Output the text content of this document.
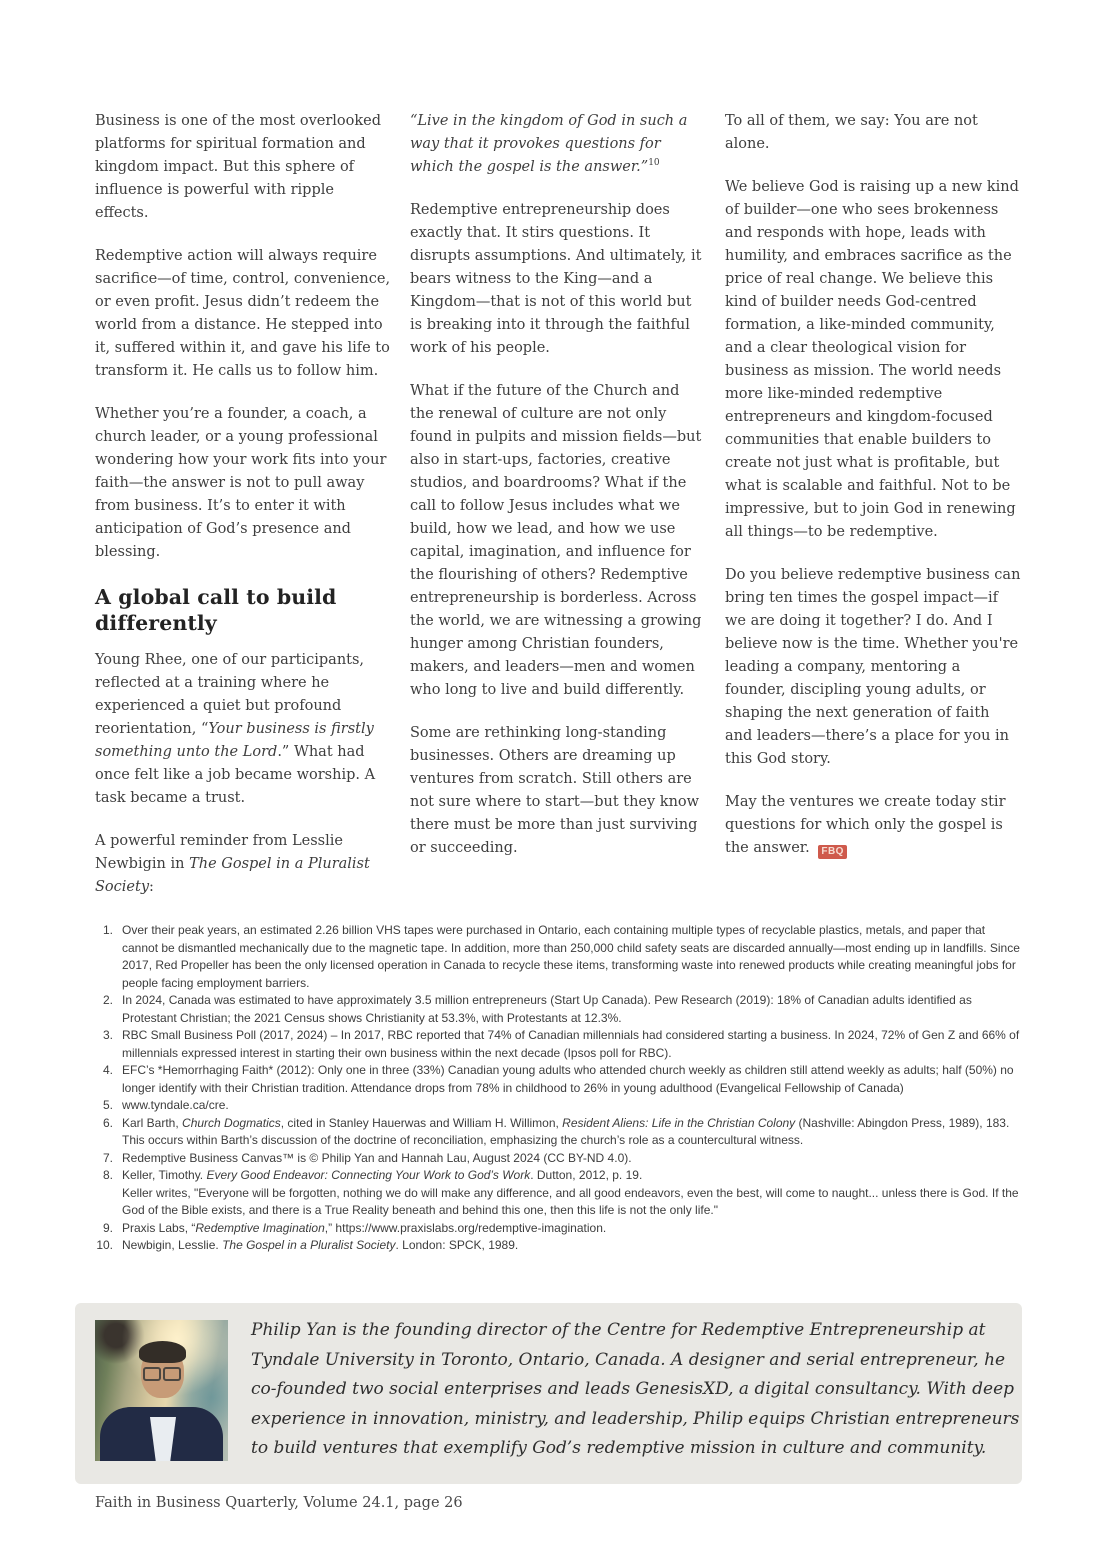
Business is one of the most overlooked platforms for spiritual formation and kingdom impact. But this sphere of influence is powerful with ripple effects.

Redemptive action will always require sacrifice—of time, control, convenience, or even profit. Jesus didn’t redeem the world from a distance. He stepped into it, suffered within it, and gave his life to transform it. He calls us to follow him.

Whether you’re a founder, a coach, a church leader, or a young professional wondering how your work fits into your faith—the answer is not to pull away from business. It’s to enter it with anticipation of God’s presence and blessing.

A global call to build differently

Young Rhee, one of our participants, reflected at a training where he experienced a quiet but profound reorientation, “Your business is firstly something unto the Lord.” What had once felt like a job became worship. A task became a trust.

A powerful reminder from Lesslie Newbigin in The Gospel in a Pluralist Society:

“Live in the kingdom of God in such a way that it provokes questions for which the gospel is the answer.”$^{10}$

Redemptive entrepreneurship does exactly that. It stirs questions. It disrupts assumptions. And ultimately, it bears witness to the King—and a Kingdom—that is not of this world but is breaking into it through the faithful work of his people.

What if the future of the Church and the renewal of culture are not only found in pulpits and mission fields—but also in start-ups, factories, creative studios, and boardrooms? What if the call to follow Jesus includes what we build, how we lead, and how we use capital, imagination, and influence for the flourishing of others? Redemptive entrepreneurship is borderless. Across the world, we are witnessing a growing hunger among Christian founders, makers, and leaders—men and women who long to live and build differently.

Some are rethinking long-standing businesses. Others are dreaming up ventures from scratch. Still others are not sure where to start—but they know there must be more than just surviving or succeeding.

To all of them, we say: You are not alone.

We believe God is raising up a new kind of builder—one who sees brokenness and responds with hope, leads with humility, and embraces sacrifice as the price of real change. We believe this kind of builder needs God-centred formation, a like-minded community, and a clear theological vision for business as mission. The world needs more like-minded redemptive entrepreneurs and kingdom-focused communities that enable builders to create not just what is profitable, but what is scalable and faithful. Not to be impressive, but to join God in renewing all things—to be redemptive.

Do you believe redemptive business can bring ten times the gospel impact—if we are doing it together? I do. And I believe now is the time. Whether you're leading a company, mentoring a founder, discipling young adults, or shaping the next generation of faith and leaders—there’s a place for you in this God story.

May the ventures we create today stir questions for which only the gospel is the answer. FBQ

1. Over their peak years, an estimated 2.26 billion VHS tapes were purchased in Ontario, each containing multiple types of recyclable plastics, metals, and paper that cannot be dismantled mechanically due to the magnetic tape. In addition, more than 250,000 child safety seats are discarded annually—most ending up in landfills. Since 2017, Red Propeller has been the only licensed operation in Canada to recycle these items, transforming waste into renewed products while creating meaningful jobs for people facing employment barriers.
2. In 2024, Canada was estimated to have approximately 3.5 million entrepreneurs (Start Up Canada). Pew Research (2019): 18% of Canadian adults identified as Protestant Christian; the 2021 Census shows Christianity at 53.3%, with Protestants at 12.3%.
3. RBC Small Business Poll (2017, 2024) – In 2017, RBC reported that 74% of Canadian millennials had considered starting a business. In 2024, 72% of Gen Z and 66% of millennials expressed interest in starting their own business within the next decade (Ipsos poll for RBC).
4. EFC’s *Hemorrhaging Faith* (2012): Only one in three (33%) Canadian young adults who attended church weekly as children still attend weekly as adults; half (50%) no longer identify with their Christian tradition. Attendance drops from 78% in childhood to 26% in young adulthood (Evangelical Fellowship of Canada)
5. www.tyndale.ca/cre.
6. Karl Barth, Church Dogmatics, cited in Stanley Hauerwas and William H. Willimon, Resident Aliens: Life in the Christian Colony (Nashville: Abingdon Press, 1989), 183. This occurs within Barth’s discussion of the doctrine of reconciliation, emphasizing the church’s role as a countercultural witness.
7. Redemptive Business Canvas™ is © Philip Yan and Hannah Lau, August 2024 (CC BY-ND 4.0).
8. Keller, Timothy. Every Good Endeavor: Connecting Your Work to God’s Work. Dutton, 2012, p. 19.
Keller writes, "Everyone will be forgotten, nothing we do will make any difference, and all good endeavors, even the best, will come to naught... unless there is God. If the God of the Bible exists, and there is a True Reality beneath and behind this one, then this life is not the only life."
9. Praxis Labs, “Redemptive Imagination,” https://www.praxislabs.org/redemptive-imagination.
10. Newbigin, Lesslie. The Gospel in a Pluralist Society. London: SPCK, 1989.
Philip Yan is the founding director of the Centre for Redemptive Entrepreneurship at Tyndale University in Toronto, Ontario, Canada. A designer and serial entrepreneur, he co-founded two social enterprises and leads GenesisXD, a digital consultancy. With deep experience in innovation, ministry, and leadership, Philip equips Christian entrepreneurs to build ventures that exemplify God’s redemptive mission in culture and community.
Faith in Business Quarterly, Volume 24.1, page 26
